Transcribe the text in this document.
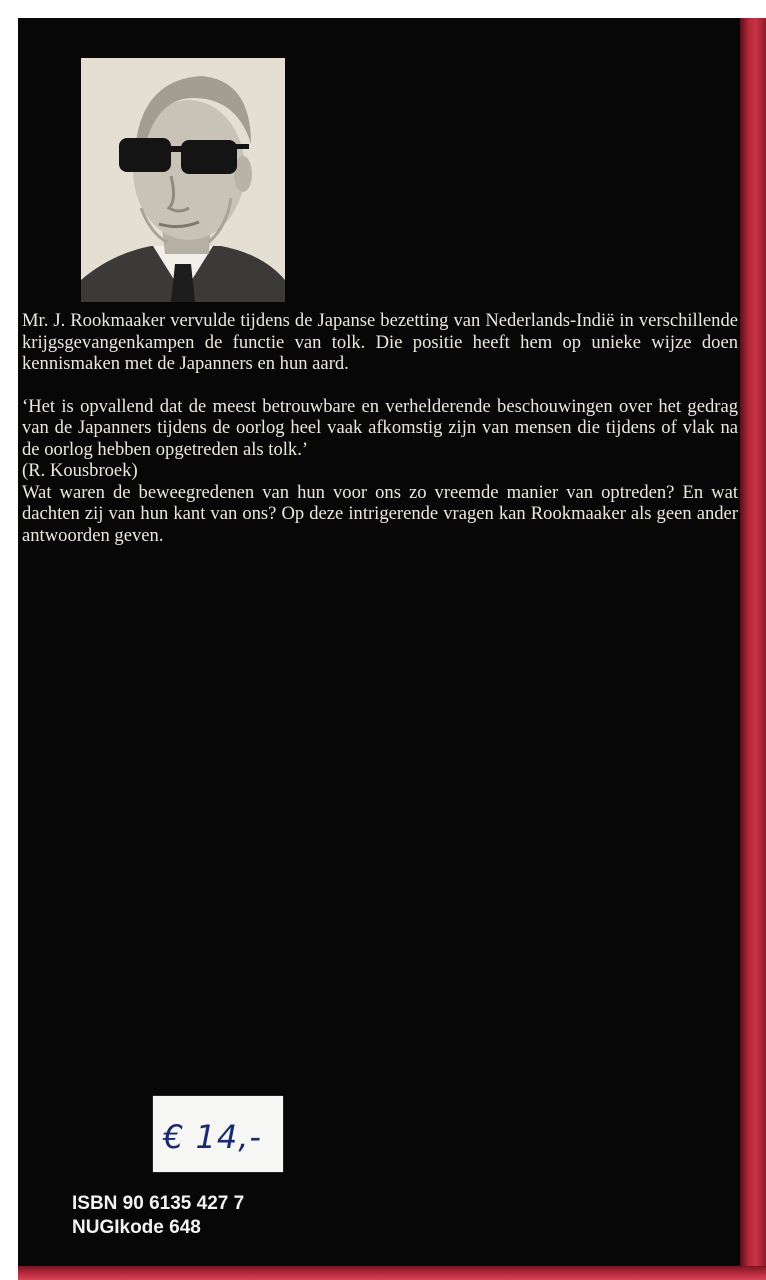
Mr. J. Rookmaaker vervulde tijdens de Japanse bezetting van Nederlands-Indië in verschillende krijgsgevangenkampen de functie van tolk. Die positie heeft hem op unieke wijze doen kennismaken met de Japanners en hun aard.

‘Het is opvallend dat de meest betrouwbare en verhelderende beschouwingen over het gedrag van de Japanners tijdens de oorlog heel vaak afkomstig zijn van mensen die tijdens of vlak na de oorlog hebben opgetreden als tolk.’

(R. Kousbroek)

Wat waren de beweegredenen van hun voor ons zo vreemde manier van optreden? En wat dachten zij van hun kant van ons? Op deze intrigerende vragen kan Rookmaaker als geen ander antwoorden geven.

€ 14,-
ISBN 90 6135 427 7
NUGIkode 648
